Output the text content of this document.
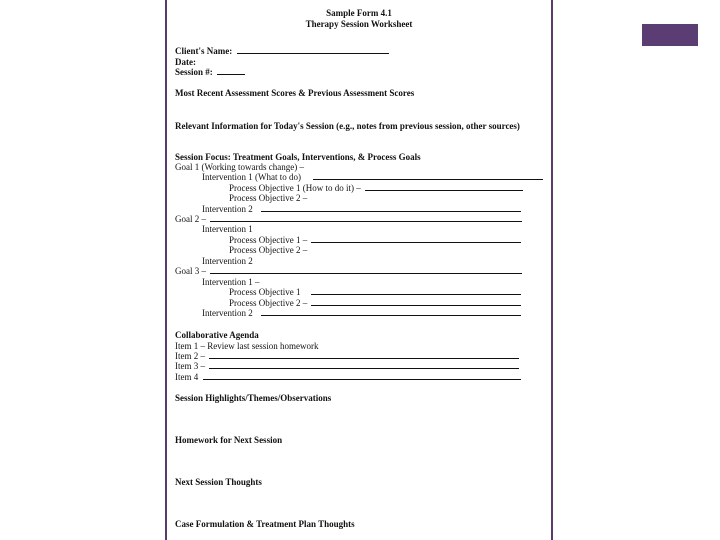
Sample Form 4.1
Therapy Session Worksheet
Client's Name:
Date:
Session #:
Most Recent Assessment Scores & Previous Assessment Scores
Relevant Information for Today's Session (e.g., notes from previous session, other sources)
Session Focus: Treatment Goals, Interventions, & Process Goals
Goal 1 (Working towards change) –
Intervention 1 (What to do)
Process Objective 1 (How to do it) –
Process Objective 2 –
Intervention 2
Goal 2 –
Intervention 1
Process Objective 1 –
Process Objective 2 –
Intervention 2
Goal 3 –
Intervention 1 –
Process Objective 1
Process Objective 2 –
Intervention 2
Collaborative Agenda
Item 1 – Review last session homework
Item 2 –
Item 3 –
Item 4
Session Highlights/Themes/Observations
Homework for Next Session
Next Session Thoughts
Case Formulation & Treatment Plan Thoughts
